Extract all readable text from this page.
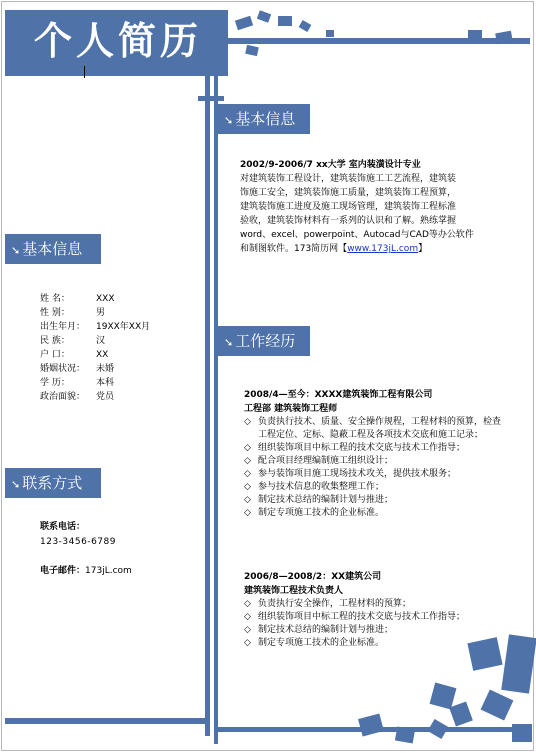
个人简历
➘ 基本信息

2002/9-2006/7 xx大学 室内装潢设计专业

对建筑装饰工程设计，建筑装饰施工工艺流程，建筑装

饰施工安全，建筑装饰施工质量，建筑装饰工程预算，

建筑装饰施工进度及施工现场管理，建筑装饰工程标准

验收，建筑装饰材料有一系列的认识和了解。熟练掌握

word、excel、powerpoint、Autocad与CAD等办公软件

和制图软件。173简历网【www.173jL.com】

➘ 基本信息
姓 名：	XXX
性 别：	男
出生年月： 19XX年XX月
民 族：	汉
户 口：	XX
婚姻状况： 未婚
学 历：	本科
政治面貌： 党员
➘ 工作经历
2008/4—至今：XXXX建筑装饰工程有限公司
工程部 建筑装饰工程师
◇ 负责执行技术、质量、安全操作规程，工程材料的预算，检查工程定位、定标、隐蔽工程及各项技术交底和施工记录；
◇ 组织装饰项目中标工程的技术交底与技术工作指导；
◇ 配合项目经理编制施工组织设计；
◇ 参与装饰项目施工现场技术攻关，提供技术服务；
◇ 参与技术信息的收集整理工作；
◇ 制定技术总结的编制计划与推进；
◇ 制定专项施工技术的企业标准。
➘ 联系方式
联系电话：
123-3456-6789
电子邮件：173jL.com
2006/8—2008/2：XX建筑公司
建筑装饰工程技术负责人
◇ 负责执行安全操作，工程材料的预算；
◇ 组织装饰项目中标工程的技术交底与技术工作指导；
◇ 制定技术总结的编制计划与推进；
◇ 制定专项施工技术的企业标准。
